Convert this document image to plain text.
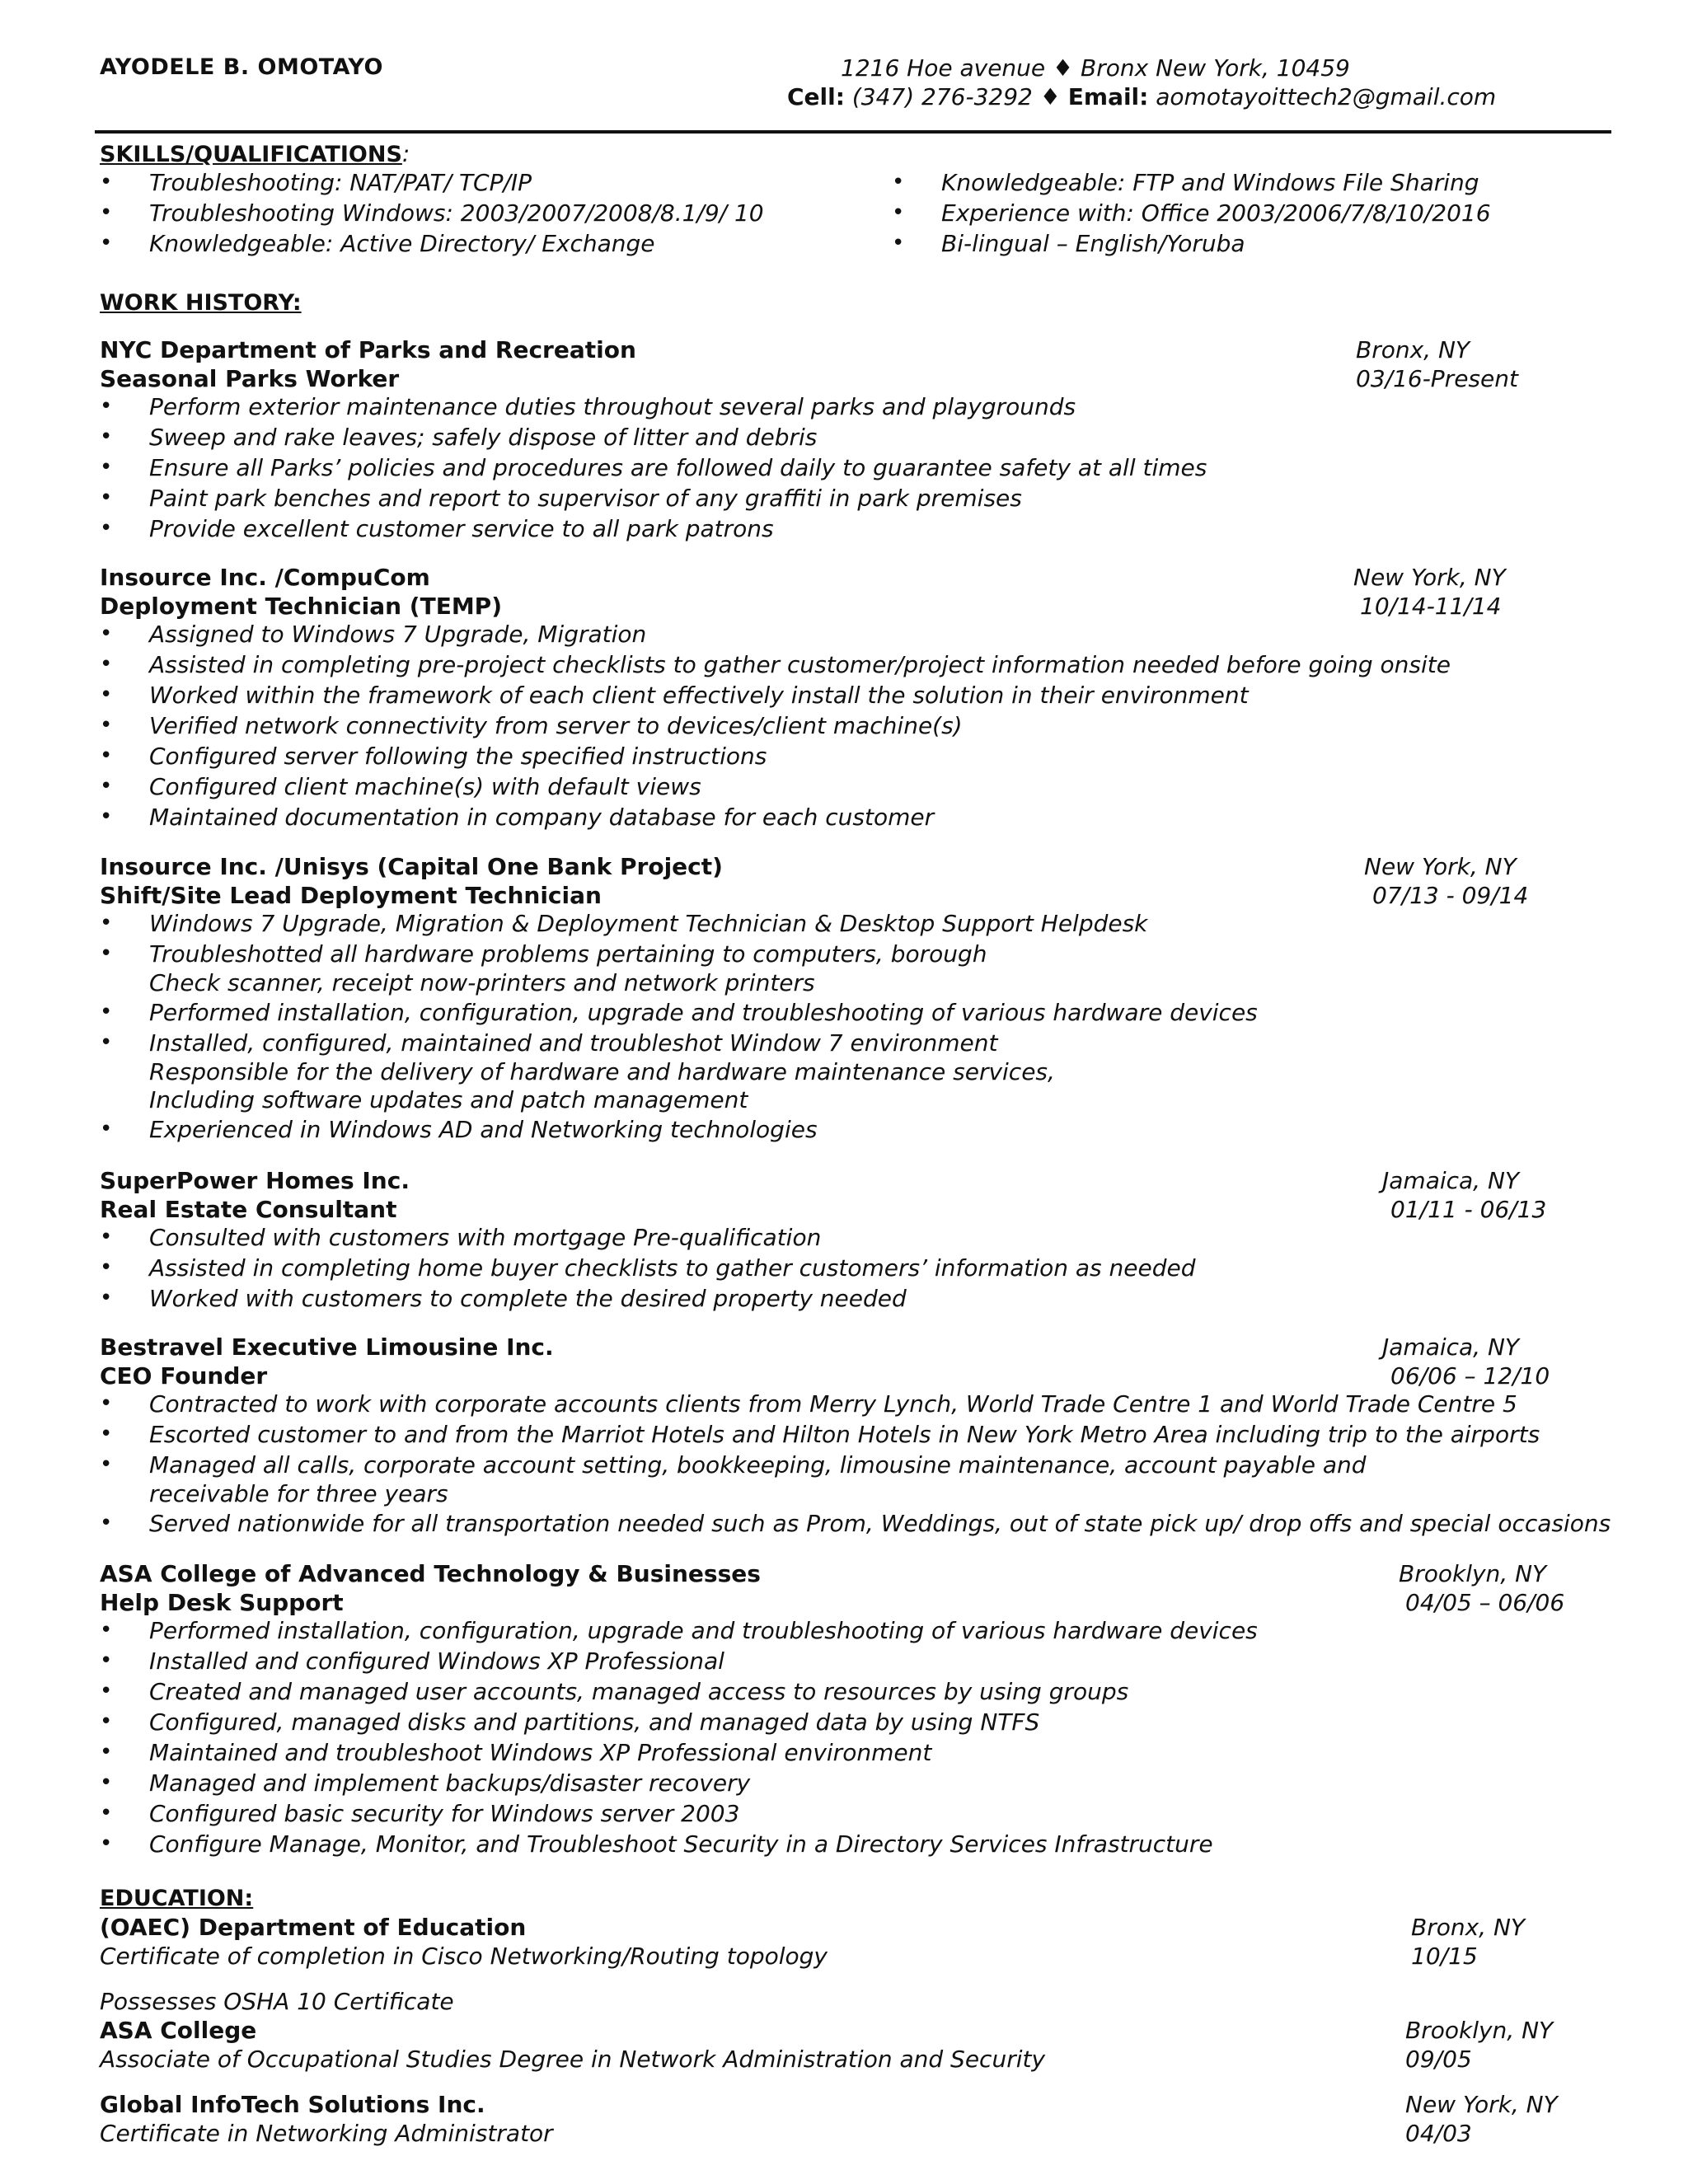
AYODELE B. OMOTAYO	1216 Hoe avenue ♦ Bronx New York, 10459
Cell: (347) 276-3292 ♦ Email: aomotayoittech2@gmail.com
SKILLS/QUALIFICATIONS:
• Troubleshooting: NAT/PAT/ TCP/IP
• Troubleshooting Windows: 2003/2007/2008/8.1/9/ 10
• Knowledgeable: Active Directory/ Exchange
• Knowledgeable: FTP and Windows File Sharing
• Experience with: Office 2003/2006/7/8/10/2016
• Bi-lingual – English/Yoruba
WORK HISTORY:
NYC Department of Parks and Recreation
Seasonal Parks Worker
Bronx, NY
03/16-Present
• Perform exterior maintenance duties throughout several parks and playgrounds
• Sweep and rake leaves; safely dispose of litter and debris
• Ensure all Parks’ policies and procedures are followed daily to guarantee safety at all times
• Paint park benches and report to supervisor of any graffiti in park premises
• Provide excellent customer service to all park patrons
Insource Inc. /CompuCom
Deployment Technician (TEMP)
New York, NY
10/14-11/14
• Assigned to Windows 7 Upgrade, Migration
• Assisted in completing pre-project checklists to gather customer/project information needed before going onsite
• Worked within the framework of each client effectively install the solution in their environment
• Verified network connectivity from server to devices/client machine(s)
• Configured server following the specified instructions
• Configured client machine(s) with default views
• Maintained documentation in company database for each customer
Insource Inc. /Unisys (Capital One Bank Project)
Shift/Site Lead Deployment Technician
New York, NY
07/13 - 09/14
• Windows 7 Upgrade, Migration & Deployment Technician & Desktop Support Helpdesk
• Troubleshotted all hardware problems pertaining to computers, borough
Check scanner, receipt now-printers and network printers
• Performed installation, configuration, upgrade and troubleshooting of various hardware devices
• Installed, configured, maintained and troubleshot Window 7 environment
Responsible for the delivery of hardware and hardware maintenance services,
Including software updates and patch management
• Experienced in Windows AD and Networking technologies
SuperPower Homes Inc.
Real Estate Consultant
Jamaica, NY
01/11 - 06/13
• Consulted with customers with mortgage Pre-qualification
• Assisted in completing home buyer checklists to gather customers’ information as needed
• Worked with customers to complete the desired property needed
Bestravel Executive Limousine Inc.
CEO Founder
Jamaica, NY
06/06 – 12/10
• Contracted to work with corporate accounts clients from Merry Lynch, World Trade Centre 1 and World Trade Centre 5
• Escorted customer to and from the Marriot Hotels and Hilton Hotels in New York Metro Area including trip to the airports
• Managed all calls, corporate account setting, bookkeeping, limousine maintenance, account payable and
receivable for three years
• Served nationwide for all transportation needed such as Prom, Weddings, out of state pick up/ drop offs and special occasions
ASA College of Advanced Technology & Businesses
Help Desk Support
Brooklyn, NY
04/05 – 06/06
• Performed installation, configuration, upgrade and troubleshooting of various hardware devices
• Installed and configured Windows XP Professional
• Created and managed user accounts, managed access to resources by using groups
• Configured, managed disks and partitions, and managed data by using NTFS
• Maintained and troubleshoot Windows XP Professional environment
• Managed and implement backups/disaster recovery
• Configured basic security for Windows server 2003
• Configure Manage, Monitor, and Troubleshoot Security in a Directory Services Infrastructure
EDUCATION:
(OAEC) Department of Education
Certificate of completion in Cisco Networking/Routing topology
Bronx, NY
10/15
Possesses OSHA 10 Certificate
ASA College
Associate of Occupational Studies Degree in Network Administration and Security
Brooklyn, NY
09/05
Global InfoTech Solutions Inc.
Certificate in Networking Administrator
New York, NY
04/03
